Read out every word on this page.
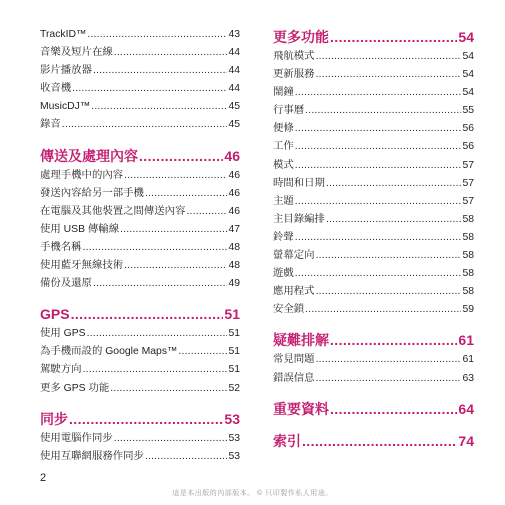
TrackID™ .....	43
音樂及短片在線 .....	44
影片播放器 .....	44
收音機 .....	44
MusicDJ™ .....	45
錄音 .....	45
傳送及處理內容 .....	46
處理手機中的內容 .....	46
發送內容給另一部手機 .....	46
在電腦及其他裝置之間傳送內容 .....	46
使用 USB 傳輸線 .....	47
手機名稱 .....	48
使用藍牙無線技術 .....	48
備份及還原 .....	49
GPS .....	51
使用 GPS .....	51
為手機而設的 Google Maps™ .....	51
駕駛方向 .....	51
更多 GPS 功能 .....	52
同步 .....	53
使用電腦作同步 .....	53
使用互聯網服務作同步 .....	53
更多功能 .....	54
飛航模式 .....	54
更新服務 .....	54
鬧鐘 .....	54
行事曆 .....	55
便條 .....	56
工作 .....	56
模式 .....	57
時間和日期 .....	57
主題 .....	57
主目錄編排 .....	58
鈴聲 .....	58
螢幕定向 .....	58
遊戲 .....	58
應用程式 .....	58
安全鎖 .....	59
疑難排解 .....	61
常見問題 .....	61
錯誤信息 .....	63
重要資料 .....	64
索引 .....	74
2
這是本出版的內部版本。 © 只印製作私人用途。
